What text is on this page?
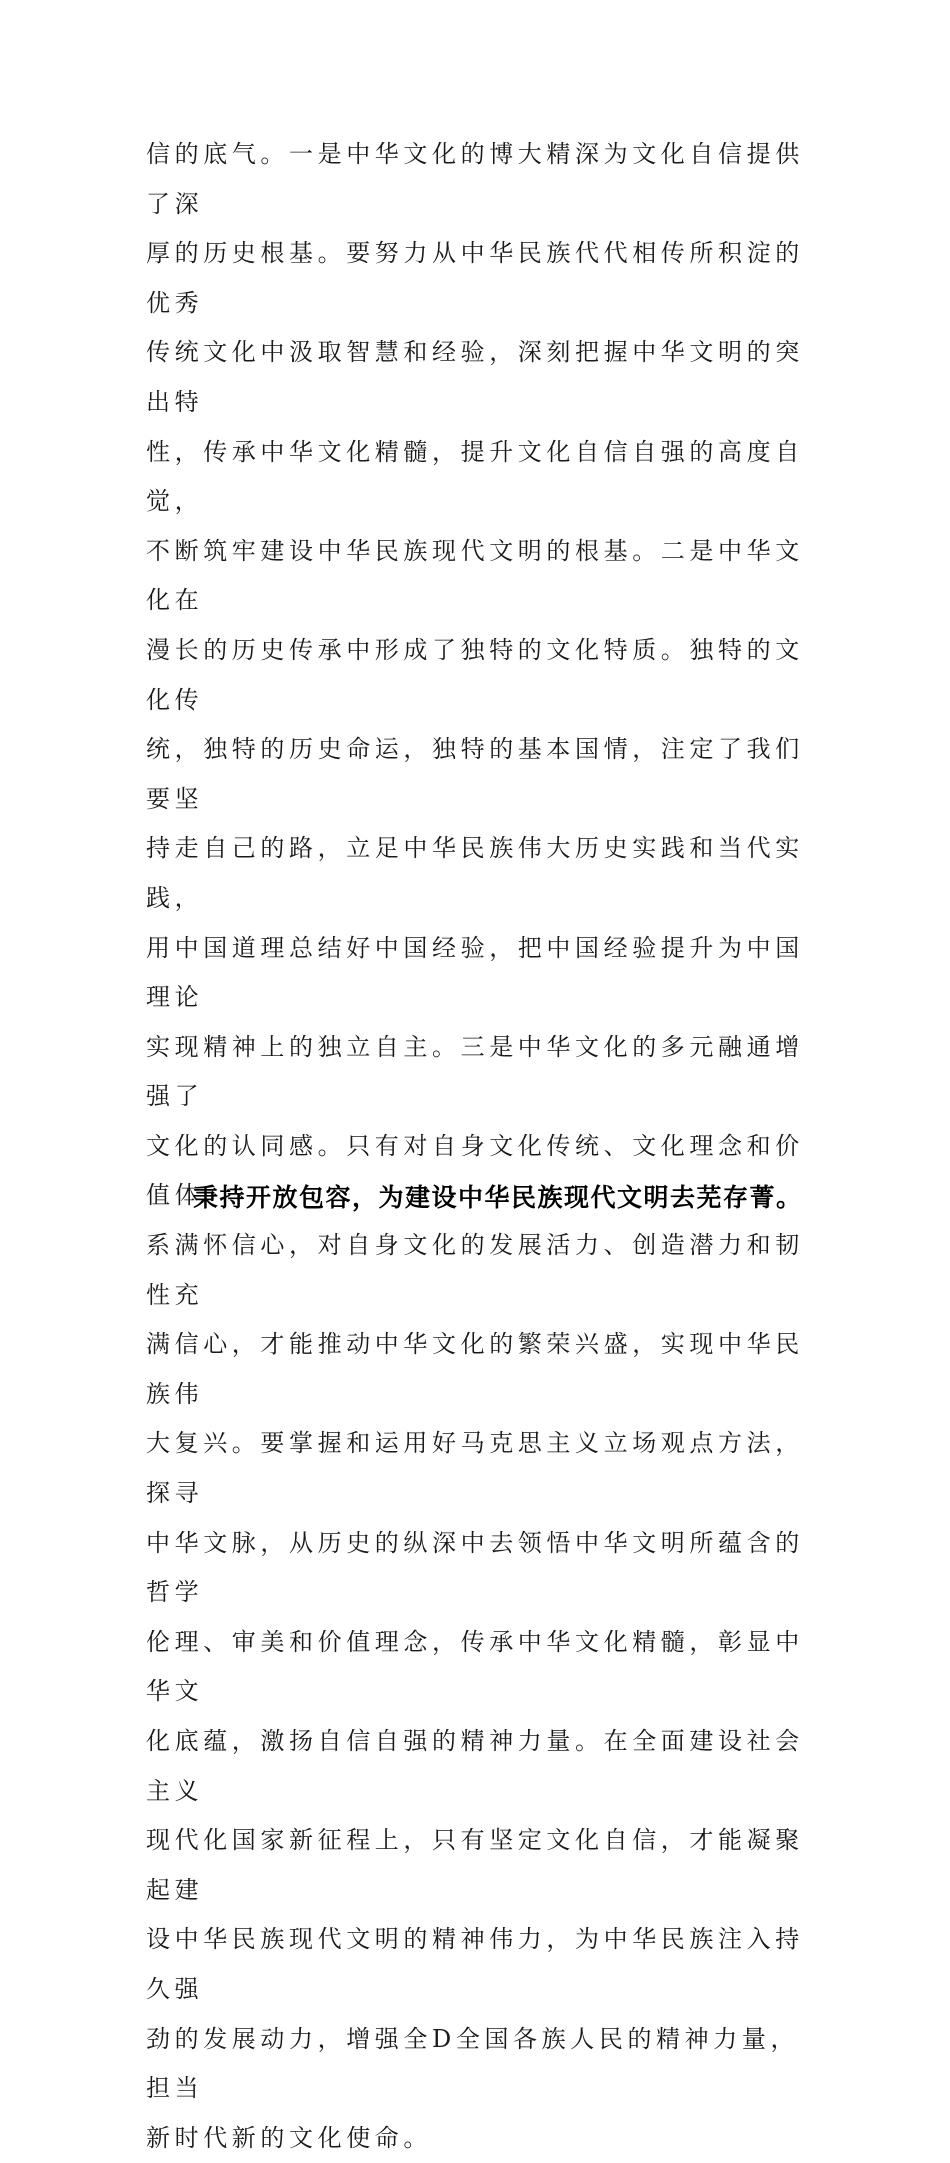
信的底气。一是中华文化的博大精深为文化自信提供了深
厚的历史根基。要努力从中华民族代代相传所积淀的优秀
传统文化中汲取智慧和经验，深刻把握中华文明的突出特
性，传承中华文化精髓，提升文化自信自强的高度自觉，
不断筑牢建设中华民族现代文明的根基。二是中华文化在
漫长的历史传承中形成了独特的文化特质。独特的文化传
统，独特的历史命运，独特的基本国情，注定了我们要坚
持走自己的路，立足中华民族伟大历史实践和当代实践，
用中国道理总结好中国经验，把中国经验提升为中国理论
实现精神上的独立自主。三是中华文化的多元融通增强了
文化的认同感。只有对自身文化传统、文化理念和价值体
系满怀信心，对自身文化的发展活力、创造潜力和韧性充
满信心，才能推动中华文化的繁荣兴盛，实现中华民族伟
大复兴。要掌握和运用好马克思主义立场观点方法，探寻
中华文脉，从历史的纵深中去领悟中华文明所蕴含的哲学
伦理、审美和价值理念，传承中华文化精髓，彰显中华文
化底蕴，激扬自信自强的精神力量。在全面建设社会主义
现代化国家新征程上，只有坚定文化自信，才能凝聚起建
设中华民族现代文明的精神伟力，为中华民族注入持久强
劲的发展动力，增强全D全国各族人民的精神力量，担当
新时代新的文化使命。

秉持开放包容，为建设中华民族现代文明去芜存菁。
